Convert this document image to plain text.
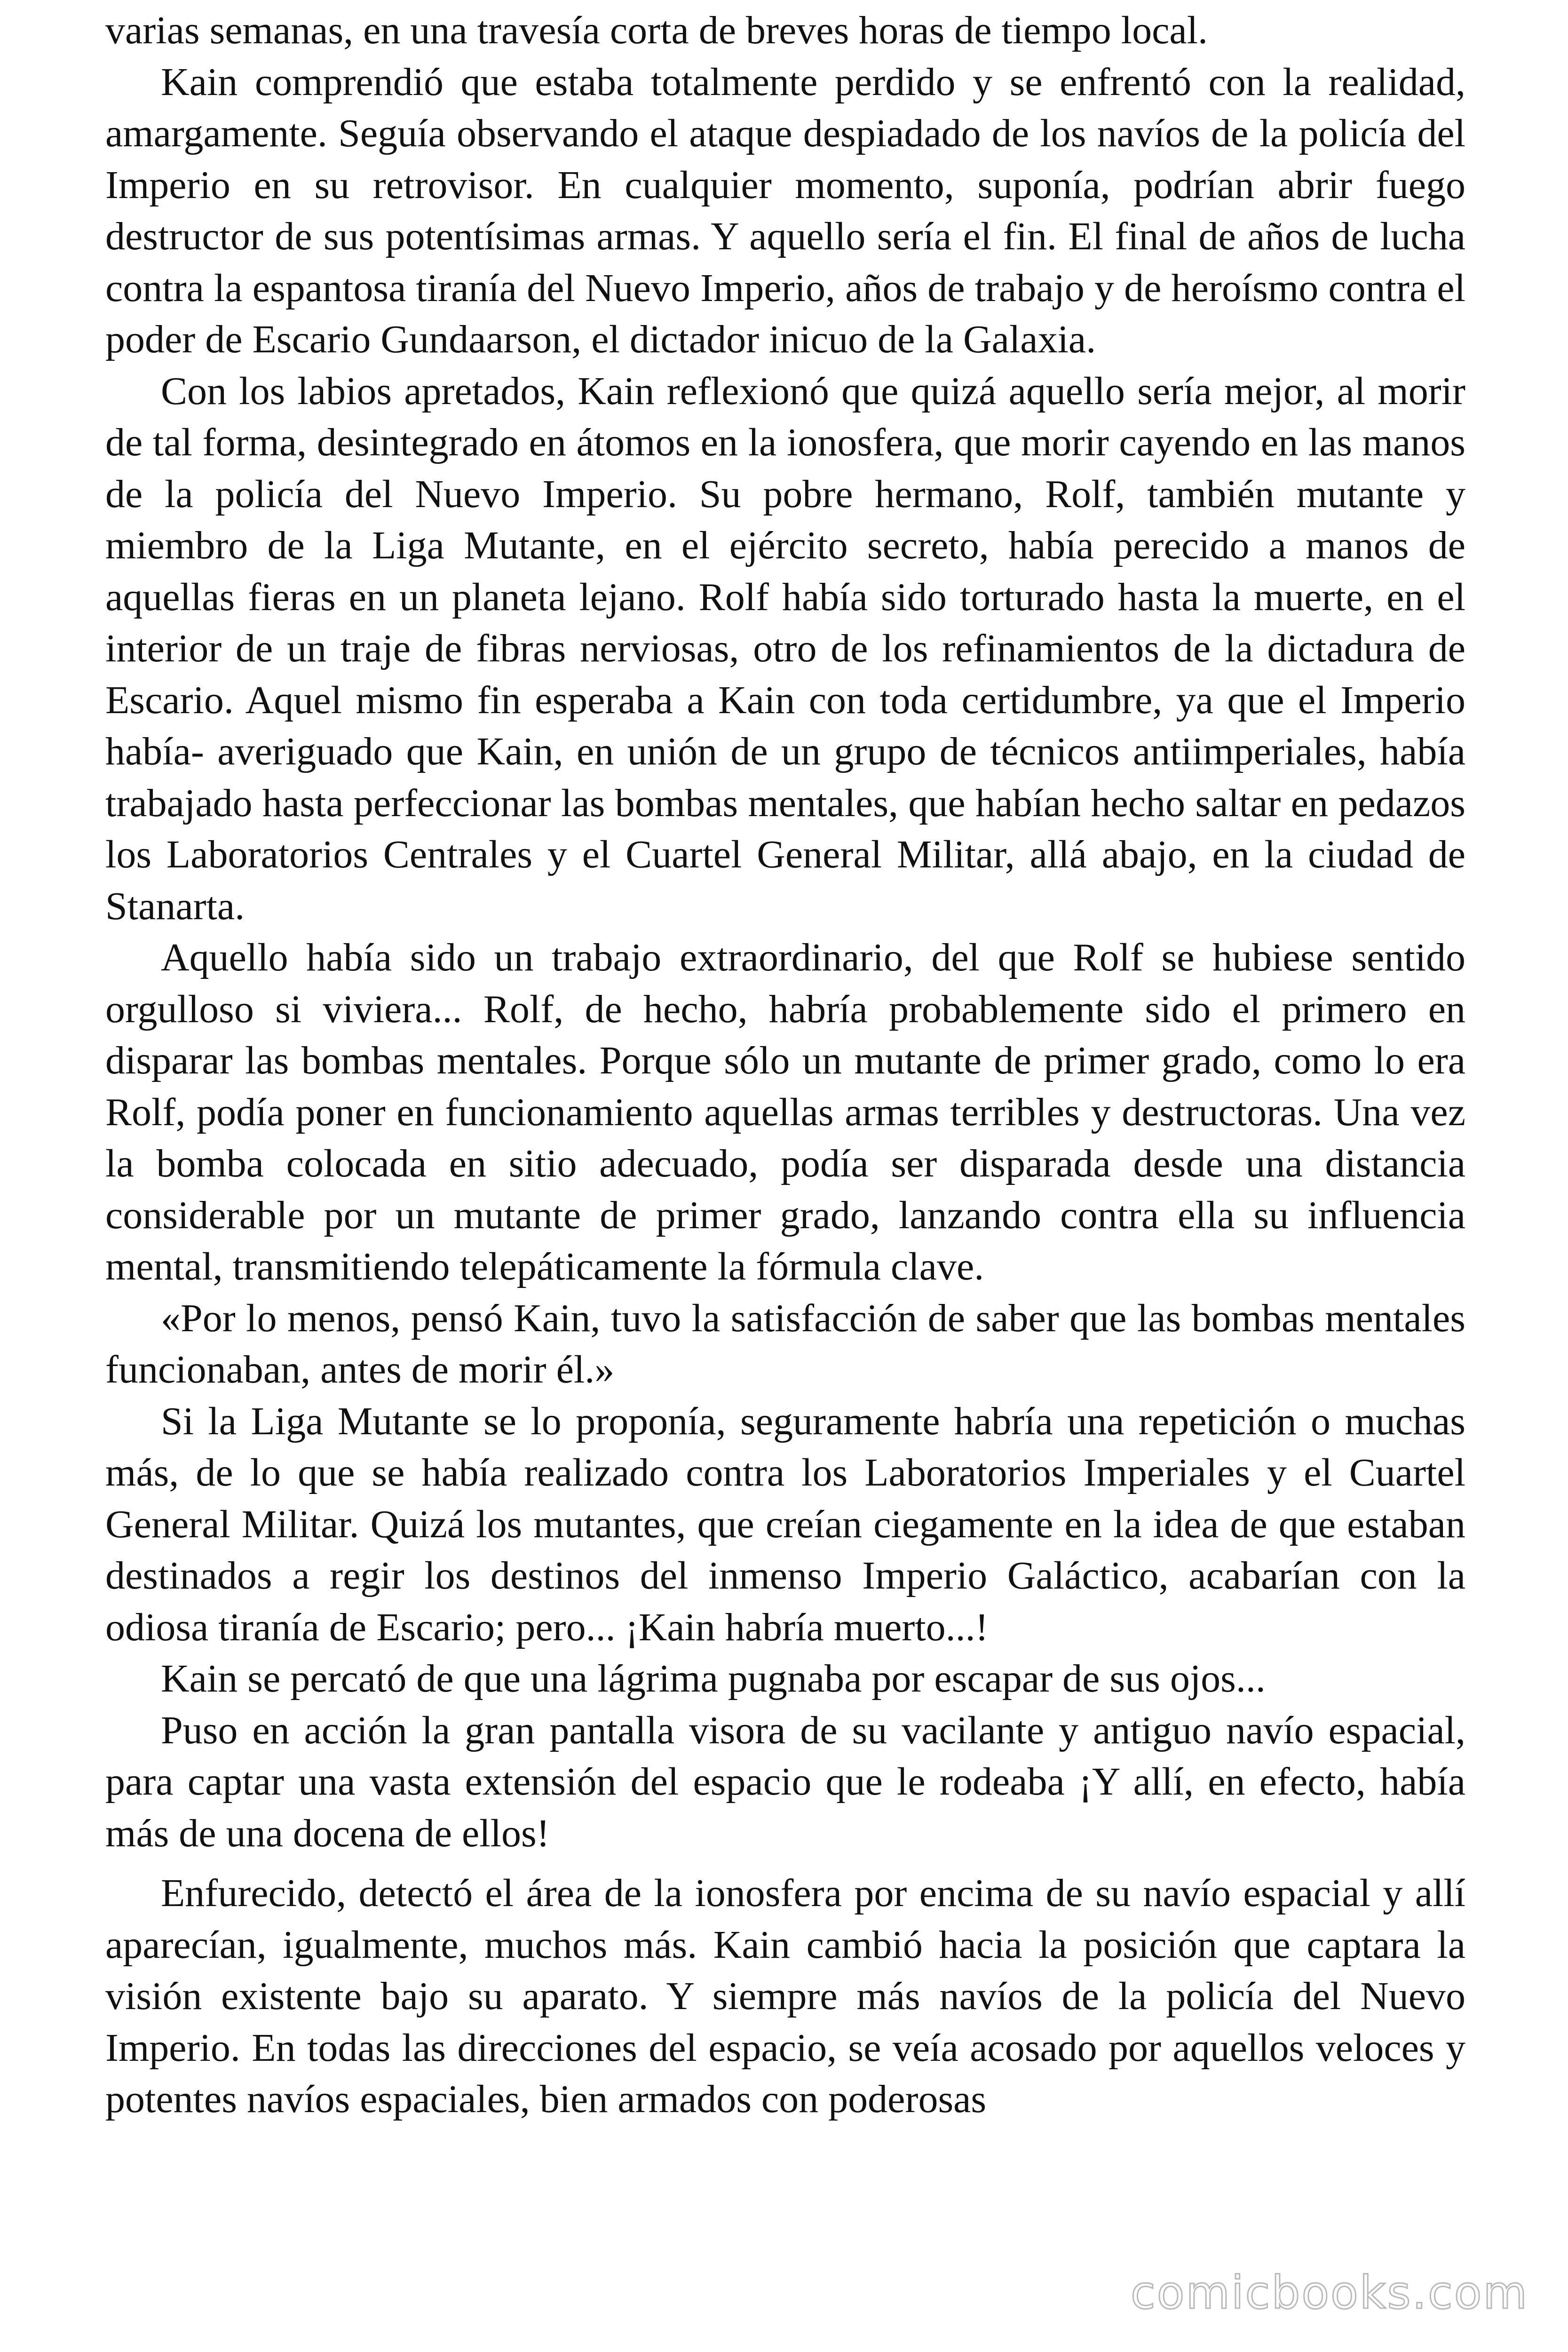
varias semanas, en una travesía corta de breves horas de tiempo local.

Kain comprendió que estaba totalmente perdido y se enfrentó con la realidad, amargamente. Seguía observando el ataque despiadado de los navíos de la policía del Imperio en su retrovisor. En cualquier momento, suponía, podrían abrir fuego destructor de sus potentísimas armas. Y aquello sería el fin. El final de años de lucha contra la espantosa tiranía del Nuevo Imperio, años de trabajo y de heroísmo contra el poder de Escario Gundaarson, el dictador inicuo de la Galaxia.

Con los labios apretados, Kain reflexionó que quizá aquello sería mejor, al morir de tal forma, desintegrado en átomos en la ionosfera, que morir cayendo en las manos de la policía del Nuevo Imperio. Su pobre hermano, Rolf, también mutante y miembro de la Liga Mutante, en el ejército secreto, había perecido a manos de aquellas fieras en un planeta lejano. Rolf había sido torturado hasta la muerte, en el interior de un traje de fibras nerviosas, otro de los refinamientos de la dictadura de Escario. Aquel mismo fin esperaba a Kain con toda certidumbre, ya que el Imperio había- averiguado que Kain, en unión de un grupo de técnicos antiimperiales, había trabajado hasta perfeccionar las bombas mentales, que habían hecho saltar en pedazos los Laboratorios Centrales y el Cuartel General Militar, allá abajo, en la ciudad de Stanarta.

Aquello había sido un trabajo extraordinario, del que Rolf se hubiese sentido orgulloso si viviera... Rolf, de hecho, habría probablemente sido el primero en disparar las bombas mentales. Porque sólo un mutante de primer grado, como lo era Rolf, podía poner en funcionamiento aquellas armas terribles y destructoras. Una vez la bomba colocada en sitio adecuado, podía ser disparada desde una distancia considerable por un mutante de primer grado, lanzando contra ella su influencia mental, transmitiendo telepáticamente la fórmula clave.

«Por lo menos, pensó Kain, tuvo la satisfacción de saber que las bombas mentales funcionaban, antes de morir él.»

Si la Liga Mutante se lo proponía, seguramente habría una repetición o muchas más, de lo que se había realizado contra los Laboratorios Imperiales y el Cuartel General Militar. Quizá los mutantes, que creían ciegamente en la idea de que estaban destinados a regir los destinos del inmenso Imperio Galáctico, acabarían con la odiosa tiranía de Escario; pero... ¡Kain habría muerto...!

Kain se percató de que una lágrima pugnaba por escapar de sus ojos...

Puso en acción la gran pantalla visora de su vacilante y antiguo navío espacial, para captar una vasta extensión del espacio que le rodeaba ¡Y allí, en efecto, había más de una docena de ellos!

Enfurecido, detectó el área de la ionosfera por encima de su navío espacial y allí aparecían, igualmente, muchos más. Kain cambió hacia la posición que captara la visión existente bajo su aparato. Y siempre más navíos de la policía del Nuevo Imperio. En todas las direcciones del espacio, se veía acosado por aquellos veloces y potentes navíos espaciales, bien armados con poderosas

comicbooks.com
